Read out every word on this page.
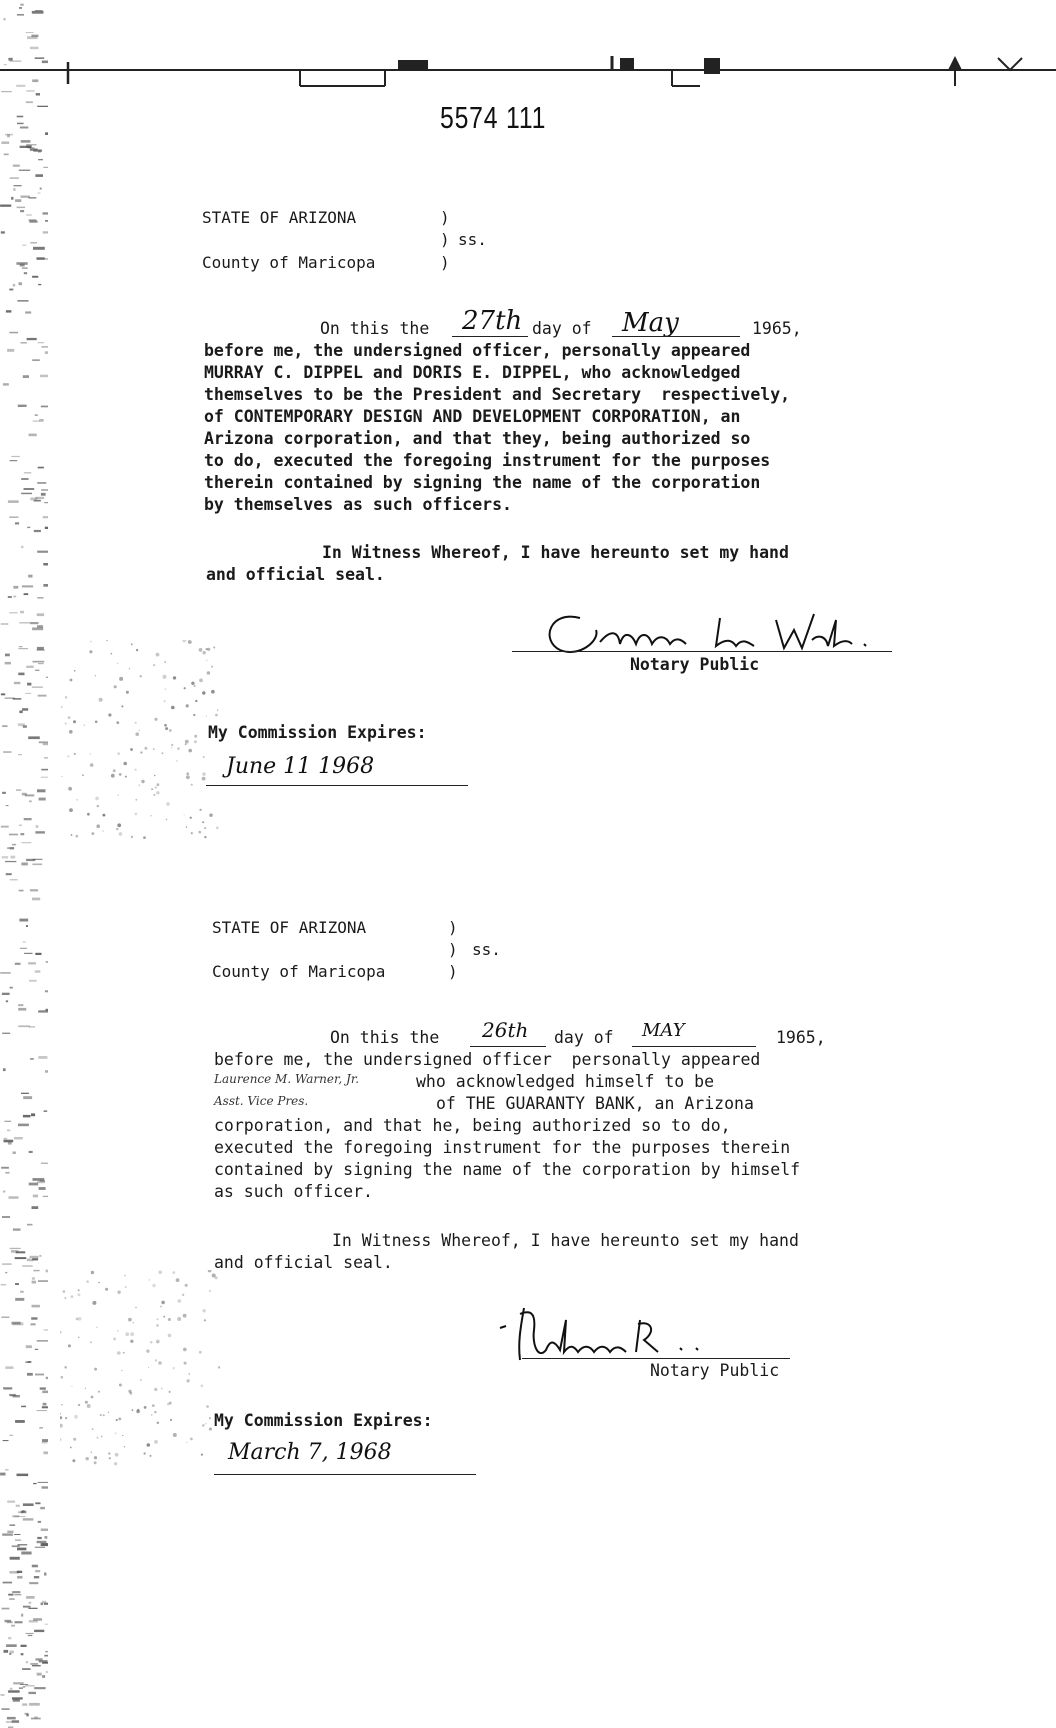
5574 111
STATE OF ARIZONA	)
) ss.
County of Maricopa	)
On this the 27th day of May	1965,
before me, the undersigned officer, personally appeared
MURRAY C. DIPPEL and DORIS E. DIPPEL, who acknowledged
themselves to be the President and Secretary  respectively,
of CONTEMPORARY DESIGN AND DEVELOPMENT CORPORATION, an
Arizona corporation, and that they, being authorized so
to do, executed the foregoing instrument for the purposes
therein contained by signing the name of the corporation
by themselves as such officers.
In Witness Whereof, I have hereunto set my hand
and official seal.
Notary Public
My Commission Expires:
June 11 1968
STATE OF ARIZONA	)
) ss.
County of Maricopa	)
On this the 26th day of MAY	1965,
before me, the undersigned officer  personally appeared
Laurence M. Warner, Jr.	who acknowledged himself to be
Asst. Vice Pres.	of THE GUARANTY BANK, an Arizona
corporation, and that he, being authorized so to do,
executed the foregoing instrument for the purposes therein
contained by signing the name of the corporation by himself
as such officer.
In Witness Whereof, I have hereunto set my hand
and official seal.
Notary Public
My Commission Expires:
March 7, 1968
